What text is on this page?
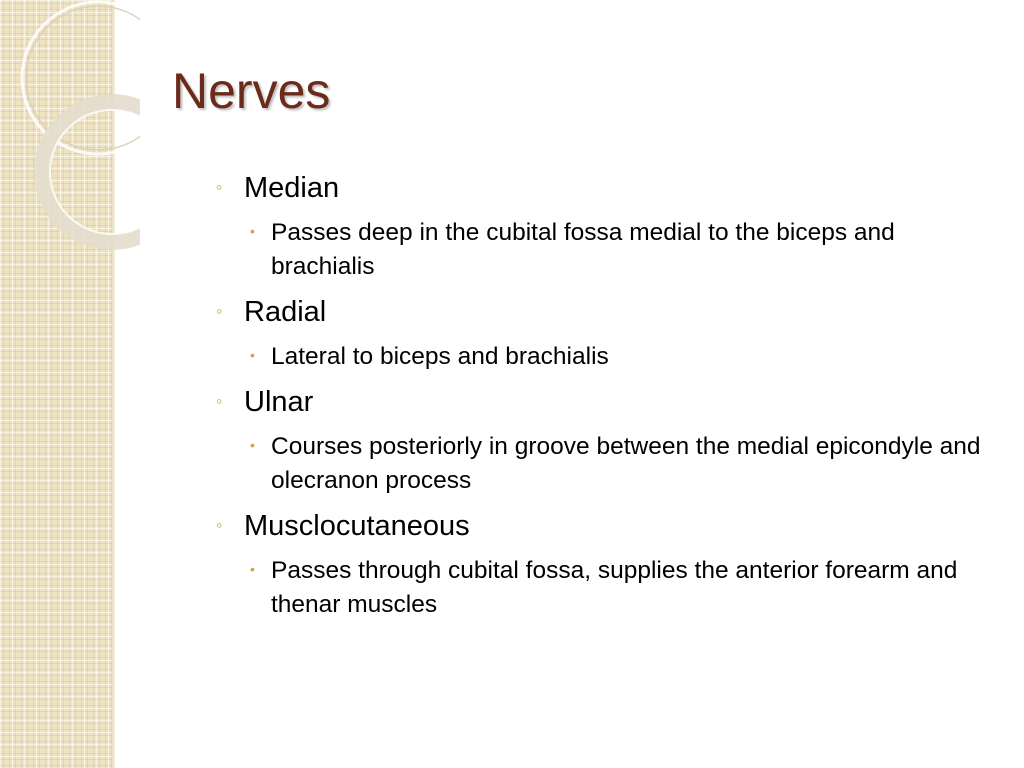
Nerves
◦ Median
• Passes deep in the cubital fossa medial to the biceps and brachialis
◦ Radial
• Lateral to biceps and brachialis
◦ Ulnar
• Courses posteriorly in groove between the medial epicondyle and olecranon process
◦ Musclocutaneous
• Passes through cubital fossa, supplies the anterior forearm and thenar muscles
